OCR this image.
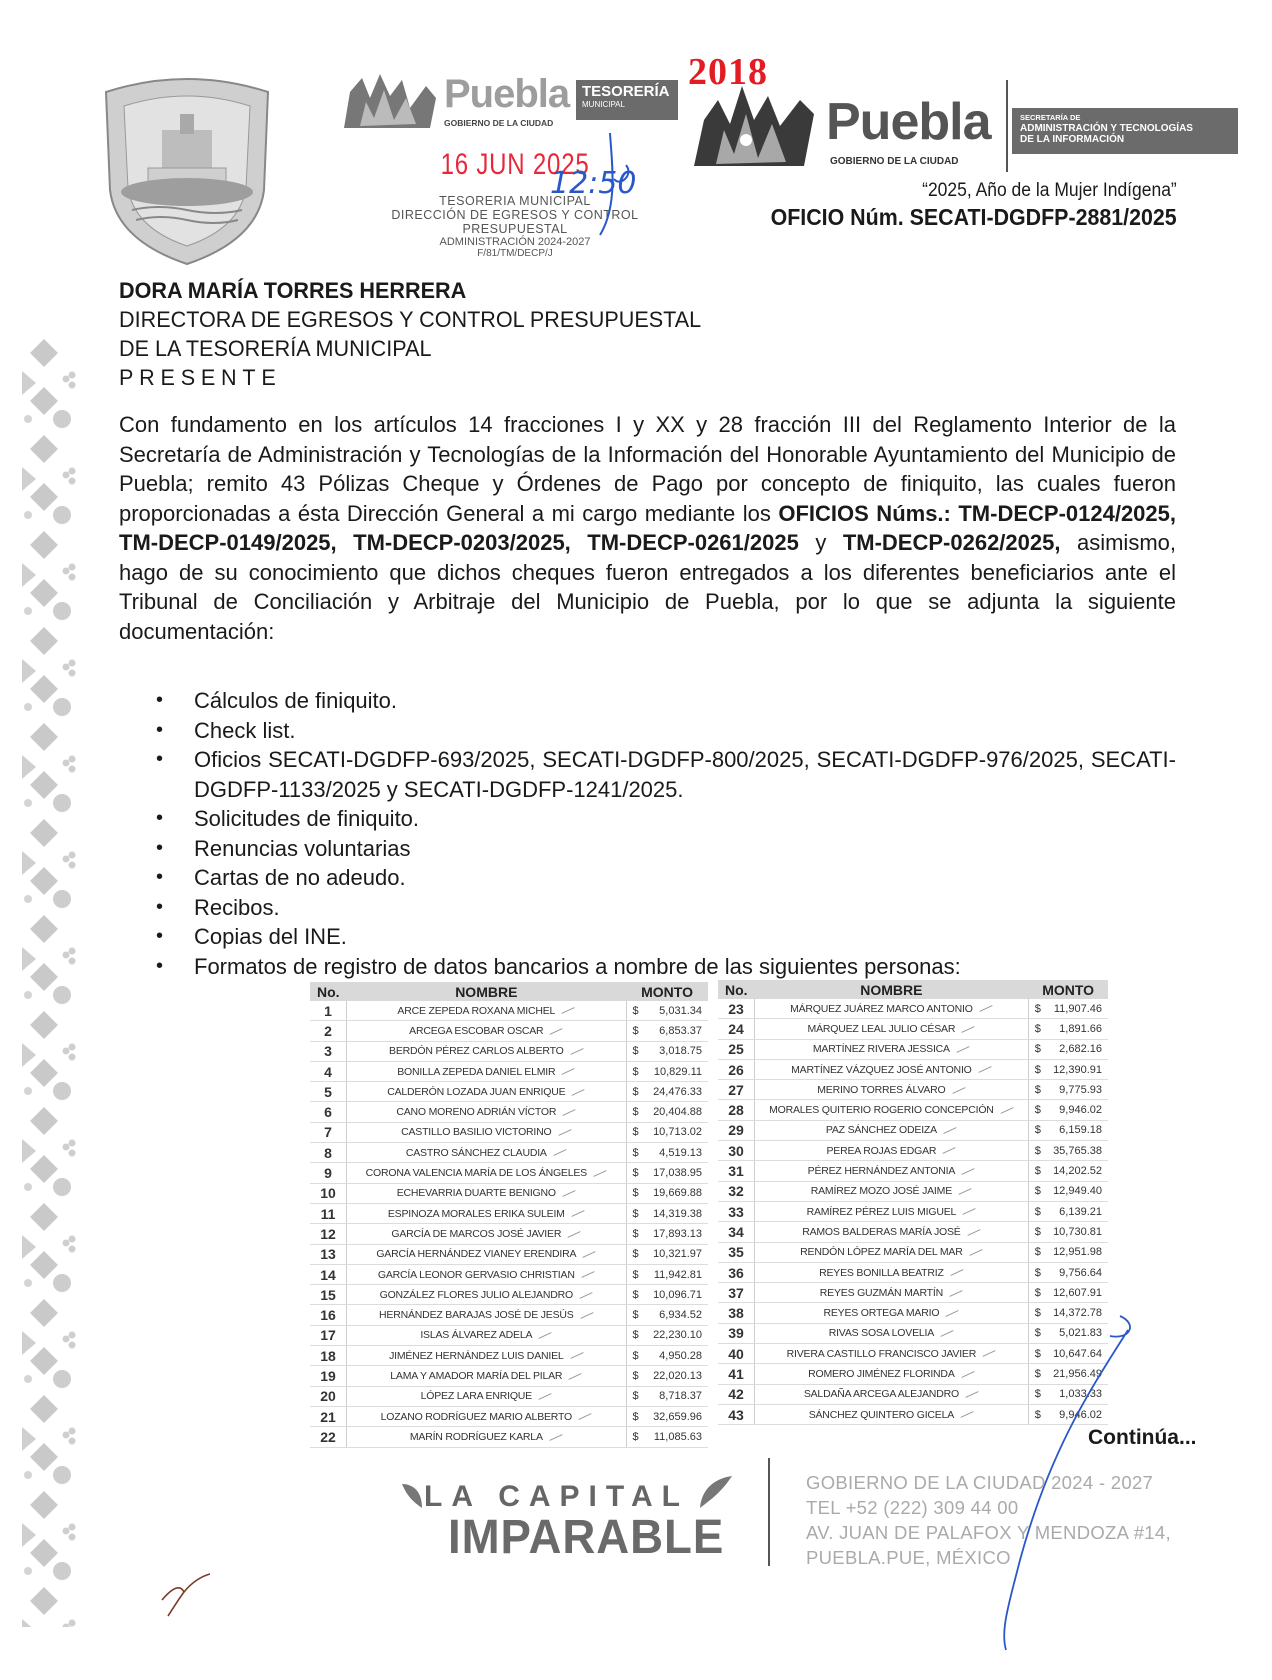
Puebla
GOBIERNO DE LA CIUDAD
TESORERÍA
MUNICIPAL
2018
Puebla
GOBIERNO DE LA CIUDAD
SECRETARÍA DE
ADMINISTRACIÓN Y TECNOLOGÍAS
DE LA INFORMACIÓN
16 JUN 2025
TESORERIA MUNICIPAL
DIRECCIÓN DE EGRESOS Y CONTROL
PRESUPUESTAL
ADMINISTRACIÓN 2024-2027
F/81/TM/DECP/J
12:50	“2025, Año de la Mujer Indígena”
OFICIO Núm. SECATI-DGDFP-2881/2025
DORA MARÍA TORRES HERRERA
DIRECTORA DE EGRESOS Y CONTROL PRESUPUESTAL
DE LA TESORERÍA MUNICIPAL
PRESENTE
Con fundamento en los artículos 14 fracciones I y XX y 28 fracción III del Reglamento Interior de la Secretaría de Administración y Tecnologías de la Información del Honorable Ayuntamiento del Municipio de Puebla; remito 43 Pólizas Cheque y Órdenes de Pago por concepto de finiquito, las cuales fueron proporcionadas a ésta Dirección General a mi cargo mediante los OFICIOS Núms.: TM-DECP-0124/2025, TM-DECP-0149/2025, TM-DECP-0203/2025, TM-DECP-0261/2025 y TM-DECP-0262/2025, asimismo, hago de su conocimiento que dichos cheques fueron entregados a los diferentes beneficiarios ante el Tribunal de Conciliación y Arbitraje del Municipio de Puebla, por lo que se adjunta la siguiente documentación:
• Cálculos de finiquito.
• Check list.
• Oficios SECATI-DGDFP-693/2025, SECATI-DGDFP-800/2025, SECATI-DGDFP-976/2025, SECATI-DGDFP-1133/2025 y SECATI-DGDFP-1241/2025.
• Solicitudes de finiquito.
• Renuncias voluntarias
• Cartas de no adeudo.
• Recibos.
• Copias del INE.
• Formatos de registro de datos bancarios a nombre de las siguientes personas:
No.	NOMBRE	MONTO	
1	ARCE ZEPEDA ROXANA MICHEL	$	5,031.34
2	ARCEGA ESCOBAR OSCAR	$	6,853.37
3	BERDÓN PÉREZ CARLOS ALBERTO	$	3,018.75
4	BONILLA ZEPEDA DANIEL ELMIR	$	10,829.11
5	CALDERÓN LOZADA JUAN ENRIQUE	$	24,476.33
6	CANO MORENO ADRIÁN VÍCTOR	$	20,404.88
7	CASTILLO BASILIO VICTORINO	$	10,713.02
8	CASTRO SÁNCHEZ CLAUDIA	$	4,519.13
9	CORONA VALENCIA MARÍA DE LOS ÁNGELES	$	17,038.95
10	ECHEVARRIA DUARTE BENIGNO	$	19,669.88
11	ESPINOZA MORALES ERIKA SULEIM	$	14,319.38
12	GARCÍA DE MARCOS JOSÉ JAVIER	$	17,893.13
13	GARCÍA HERNÁNDEZ VIANEY ERENDIRA	$	10,321.97
14	GARCÍA LEONOR GERVASIO CHRISTIAN	$	11,942.81
15	GONZÁLEZ FLORES JULIO ALEJANDRO	$	10,096.71
16	HERNÁNDEZ BARAJAS JOSÉ DE JESÚS	$	6,934.52
17	ISLAS ÁLVAREZ ADELA	$	22,230.10
18	JIMÉNEZ HERNÁNDEZ LUIS DANIEL	$	4,950.28
19	LAMA Y AMADOR MARÍA DEL PILAR	$	22,020.13
20	LÓPEZ LARA ENRIQUE	$	8,718.37
21	LOZANO RODRÍGUEZ MARIO ALBERTO	$	32,659.96
22	MARÍN RODRÍGUEZ KARLA	$	11,085.63
No.	NOMBRE	MONTO	
23	MÁRQUEZ JUÁREZ MARCO ANTONIO	$	11,907.46
24	MÁRQUEZ LEAL JULIO CÉSAR	$	1,891.66
25	MARTÍNEZ RIVERA JESSICA	$	2,682.16
26	MARTÍNEZ VÁZQUEZ JOSÉ ANTONIO	$	12,390.91
27	MERINO TORRES ÁLVARO	$	9,775.93
28	MORALES QUITERIO ROGERIO CONCEPCIÓN	$	9,946.02
29	PAZ SÁNCHEZ ODEIZA	$	6,159.18
30	PEREA ROJAS EDGAR	$	35,765.38
31	PÉREZ HERNÁNDEZ ANTONIA	$	14,202.52
32	RAMÍREZ MOZO JOSÉ JAIME	$	12,949.40
33	RAMÍREZ PÉREZ LUIS MIGUEL	$	6,139.21
34	RAMOS BALDERAS MARÍA JOSÉ	$	10,730.81
35	RENDÓN LÓPEZ MARÍA DEL MAR	$	12,951.98
36	REYES BONILLA BEATRIZ	$	9,756.64
37	REYES GUZMÁN MARTÍN	$	12,607.91
38	REYES ORTEGA MARIO	$	14,372.78
39	RIVAS SOSA LOVELIA	$	5,021.83
40	RIVERA CASTILLO FRANCISCO JAVIER	$	10,647.64
41	ROMERO JIMÉNEZ FLORINDA	$	21,956.49
42	SALDAÑA ARCEGA ALEJANDRO	$	1,033.33
43	SÁNCHEZ QUINTERO GICELA	$	9,946.02
Continúa...
LA CAPITAL
IMPARABLE
GOBIERNO DE LA CIUDAD 2024 - 2027
TEL +52 (222) 309 44 00
AV. JUAN DE PALAFOX Y MENDOZA #14,
PUEBLA.PUE, MÉXICO
